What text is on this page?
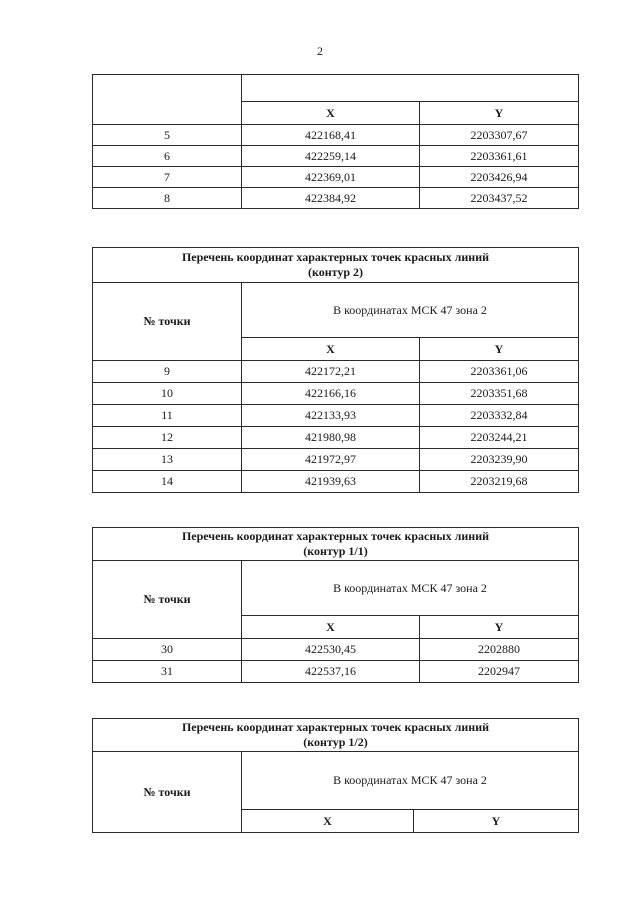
2

	X	Y
5	422168,41	2203307,67
6	422259,14	2203361,61
7	422369,01	2203426,94
8	422384,92	2203437,52
Перечень координат характерных точек красных линий
(контур 2)		

№ точки	В координатах МСК 47 зона 2	
	X	Y
9	422172,21	2203361,06
10	422166,16	2203351,68
11	422133,93	2203332,84
12	421980,98	2203244,21
13	421972,97	2203239,90
14	421939,63	2203219,68
Перечень координат характерных точек красных линий
(контур 1/1)		

№ точки	В координатах МСК 47 зона 2	
	X	Y
30	422530,45	2202880
31	422537,16	2202947
Перечень координат характерных точек красных линий
(контур 1/2)		

№ точки	В координатах МСК 47 зона 2	
	X	Y
